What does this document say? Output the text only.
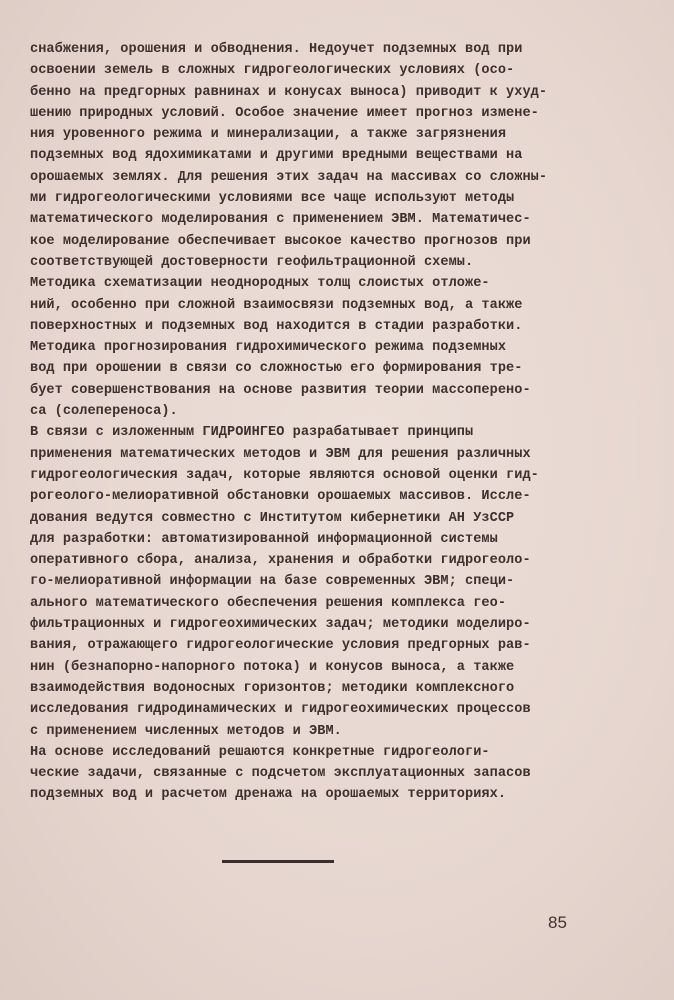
снабжения, орошения и обводнения. Недоучет подземных вод при
освоении земель в сложных гидрогеологических условиях (осо-
бенно на предгорных равнинах и конусах выноса) приводит к ухуд-
шению природных условий. Особое значение имеет прогноз измене-
ния уровенного режима и минерализации, а также загрязнения
подземных вод ядохимикатами и другими вредными веществами на
орошаемых землях. Для решения этих задач на массивах со сложны-
ми гидрогеологическими условиями все чаще используют методы
математического моделирования с применением ЭВМ. Математичес-
кое моделирование обеспечивает высокое качество прогнозов при
соответствующей достоверности геофильтрационной схемы.
Методика схематизации неоднородных толщ слоистых отложе-
ний, особенно при сложной взаимосвязи подземных вод, а также
поверхностных и подземных вод находится в стадии разработки.
Методика прогнозирования гидрохимического режима подземных
вод при орошении в связи со сложностью его формирования тре-
бует совершенствования на основе развития теории массоперено-
са (солепереноса).
В связи с изложенным ГИДРОИНГЕО разрабатывает принципы
применения математических методов и ЭВМ для решения различных
гидрогеологическия задач, которые являются основой оценки гид-
рогеолого-мелиоративной обстановки орошаемых массивов. Иссле-
дования ведутся совместно с Институтом кибернетики АН УзССР
для разработки: автоматизированной информационной системы
оперативного сбора, анализа, хранения и обработки гидрогеоло-
го-мелиоративной информации на базе современных ЭВМ; специ-
ального математического обеспечения решения комплекса гео-
фильтрационных и гидрогеохимических задач; методики моделиро-
вания, отражающего гидрогеологические условия предгорных рав-
нин (безнапорно-напорного потока) и конусов выноса, а также
взаимодействия водоносных горизонтов; методики комплексного
исследования гидродинамических и гидрогеохимических процессов
с применением численных методов и ЭВМ.
На основе исследований решаются конкретные гидрогеологи-
ческие задачи, связанные с подсчетом эксплуатационных запасов
подземных вод и расчетом дренажа на орошаемых территориях.
85
